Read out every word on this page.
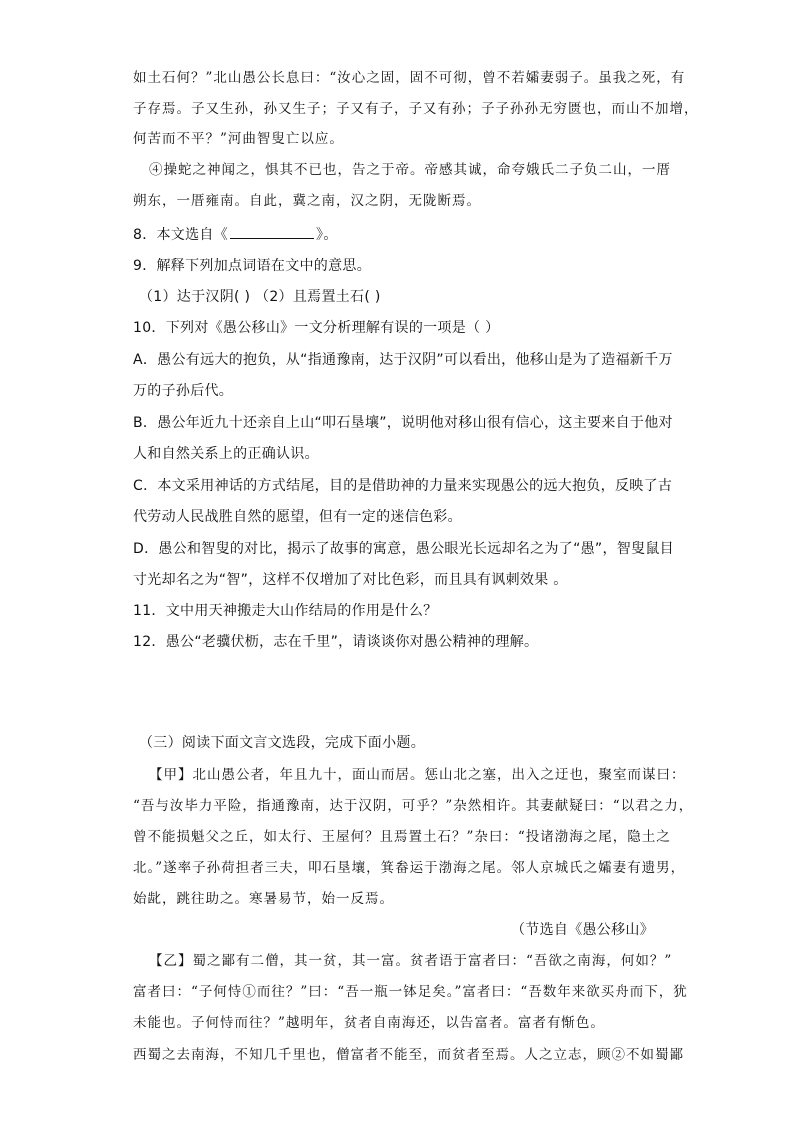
如土石何？”北山愚公长息曰：“汝心之固，固不可彻，曾不若孀妻弱子。虽我之死，有
子存焉。子又生孙，孙又生子；子又有子，子又有孙；子子孙孙无穷匮也，而山不加增，
何苦而不平？”河曲智叟亡以应。
④操蛇之神闻之，惧其不已也，告之于帝。帝感其诚，命夸娥氏二子负二山，一厝
朔东，一厝雍南。自此，冀之南，汉之阴，无陇断焉。
8．本文选自《	》。
9．解释下列加点词语在文中的意思。
（1）达于汉阴( ) （2）且焉置土石( )
10．下列对《愚公移山》一文分析理解有误的一项是（ ）
A．愚公有远大的抱负，从“指通豫南，达于汉阴”可以看出，他移山是为了造福新千万
万的子孙后代。
B．愚公年近九十还亲自上山“叩石垦壤”，说明他对移山很有信心，这主要来自于他对
人和自然关系上的正确认识。
C．本文采用神话的方式结尾，目的是借助神的力量来实现愚公的远大抱负，反映了古
代劳动人民战胜自然的愿望，但有一定的迷信色彩。
D．愚公和智叟的对比，揭示了故事的寓意，愚公眼光长远却名之为了“愚”，智叟鼠目
寸光却名之为“智”，这样不仅增加了对比色彩，而且具有讽刺效果 。
11．文中用天神搬走大山作结局的作用是什么？
12．愚公“老骥伏枥，志在千里”，请谈谈你对愚公精神的理解。
（三）阅读下面文言文选段，完成下面小题。
【甲】北山愚公者，年且九十，面山而居。惩山北之塞，出入之迂也，聚室而谋曰：
“吾与汝毕力平险，指通豫南，达于汉阴，可乎？”杂然相许。其妻献疑曰：“以君之力，
曾不能损魁父之丘，如太行、王屋何？且焉置土石？”杂曰：“投诸渤海之尾，隐土之
北。”遂率子孙荷担者三夫，叩石垦壤，箕畚运于渤海之尾。邻人京城氏之孀妻有遗男，
始龀，跳往助之。寒暑易节，始一反焉。
（节选自《愚公移山》
【乙】蜀之鄙有二僧，其一贫，其一富。贫者语于富者曰：“吾欲之南海，何如？”
富者曰：“子何恃①而往？”曰：“吾一瓶一钵足矣。”富者曰：“吾数年来欲买舟而下，犹
未能也。子何恃而往？”越明年，贫者自南海还，以告富者。富者有惭色。
西蜀之去南海，不知几千里也，僧富者不能至，而贫者至焉。人之立志，顾②不如蜀鄙
